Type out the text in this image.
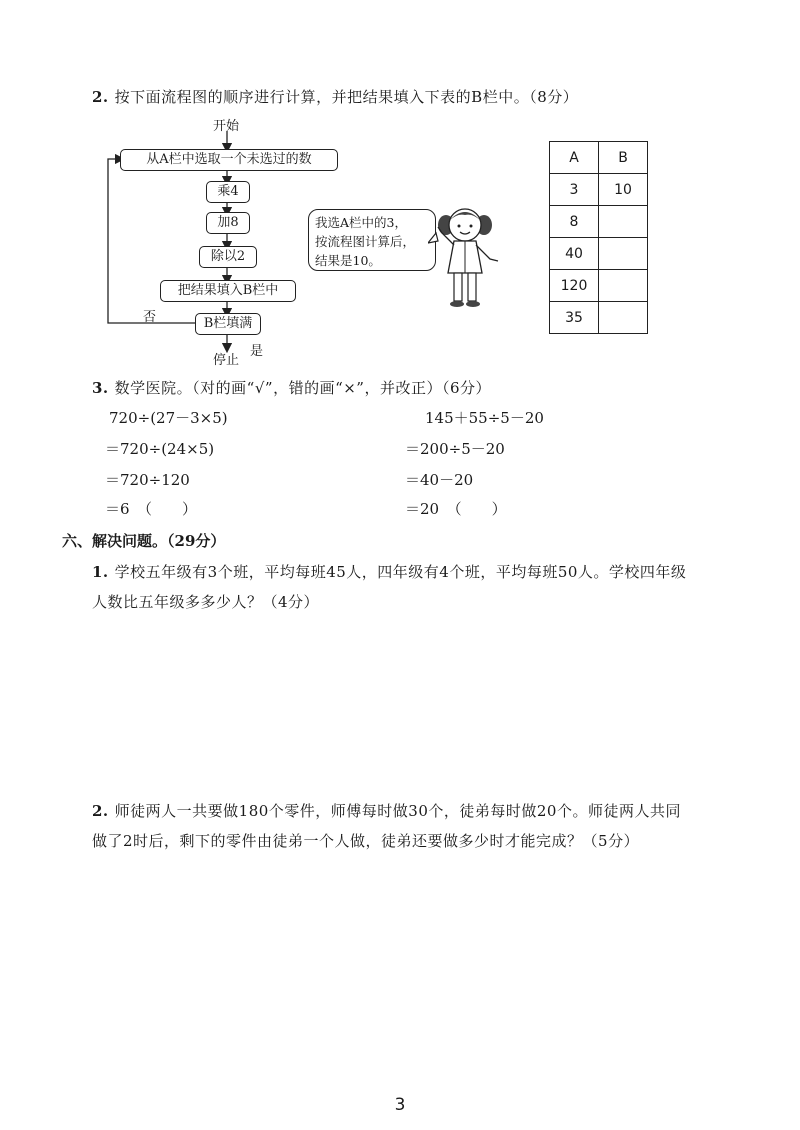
2. 按下面流程图的顺序进行计算，并把结果填入下表的B栏中。（8分）
开始
从A栏中选取一个未选过的数
乘4
加8
除以2
把结果填入B栏中
B栏填满
否
是
停止
我选A栏中的3，
按流程图计算后，
结果是10。
A	B
3	10
8	
40	
120	
35	
3. 数学医院。（对的画“√”，错的画“×”，并改正）（6分）
720÷(27－3×5)
＝720÷(24×5)
＝720÷120
＝6　（　　）
145＋55÷5－20
＝200÷5－20
＝40－20
＝20　（　　）
六、解决问题。（29分）
1. 学校五年级有3个班，平均每班45人，四年级有4个班，平均每班50人。学校四年级
人数比五年级多多少人？（4分）
2. 师徒两人一共要做180个零件，师傅每时做30个，徒弟每时做20个。师徒两人共同
做了2时后，剩下的零件由徒弟一个人做，徒弟还要做多少时才能完成？（5分）
3
